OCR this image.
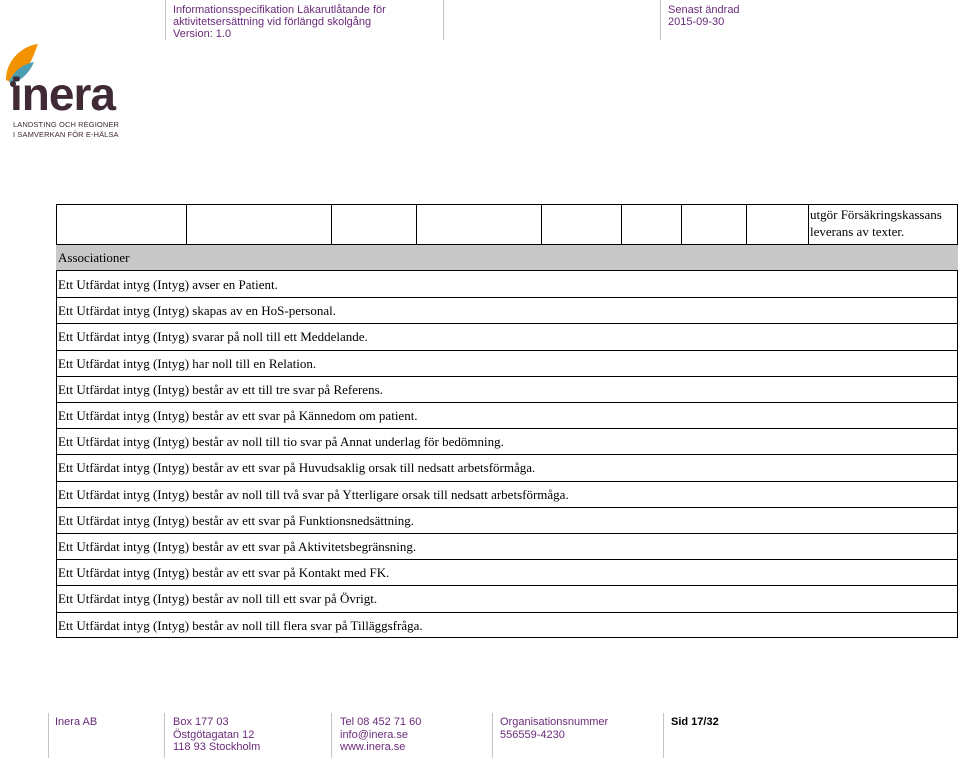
Informationsspecifikation Läkarutlåtande för
aktivitetsersättning vid förlängd skolgång
Version: 1.0
Senast ändrad
2015-09-30
inera
LANDSTING OCH REGIONER
I SAMVERKAN FÖR E-HÄLSA
utgör Försäkringskassans
leverans av texter.
Associationer
Ett Utfärdat intyg (Intyg) avser en Patient.
Ett Utfärdat intyg (Intyg) skapas av en HoS-personal.
Ett Utfärdat intyg (Intyg) svarar på noll till ett Meddelande.
Ett Utfärdat intyg (Intyg) har noll till en Relation.
Ett Utfärdat intyg (Intyg) består av ett till tre svar på Referens.
Ett Utfärdat intyg (Intyg) består av ett svar på Kännedom om patient.
Ett Utfärdat intyg (Intyg) består av noll till tio svar på Annat underlag för bedömning.
Ett Utfärdat intyg (Intyg) består av ett svar på Huvudsaklig orsak till nedsatt arbetsförmåga.
Ett Utfärdat intyg (Intyg) består av noll till två svar på Ytterligare orsak till nedsatt arbetsförmåga.
Ett Utfärdat intyg (Intyg) består av ett svar på Funktionsnedsättning.
Ett Utfärdat intyg (Intyg) består av ett svar på Aktivitetsbegränsning.
Ett Utfärdat intyg (Intyg) består av ett svar på Kontakt med FK.
Ett Utfärdat intyg (Intyg) består av noll till ett svar på Övrigt.
Ett Utfärdat intyg (Intyg) består av noll till flera svar på Tilläggsfråga.
Inera AB	Box 177 03
Östgötagatan 12
118 93 Stockholm
Tel 08 452 71 60
info@inera.se
www.inera.se
Organisationsnummer
556559-4230
Sid 17/32
